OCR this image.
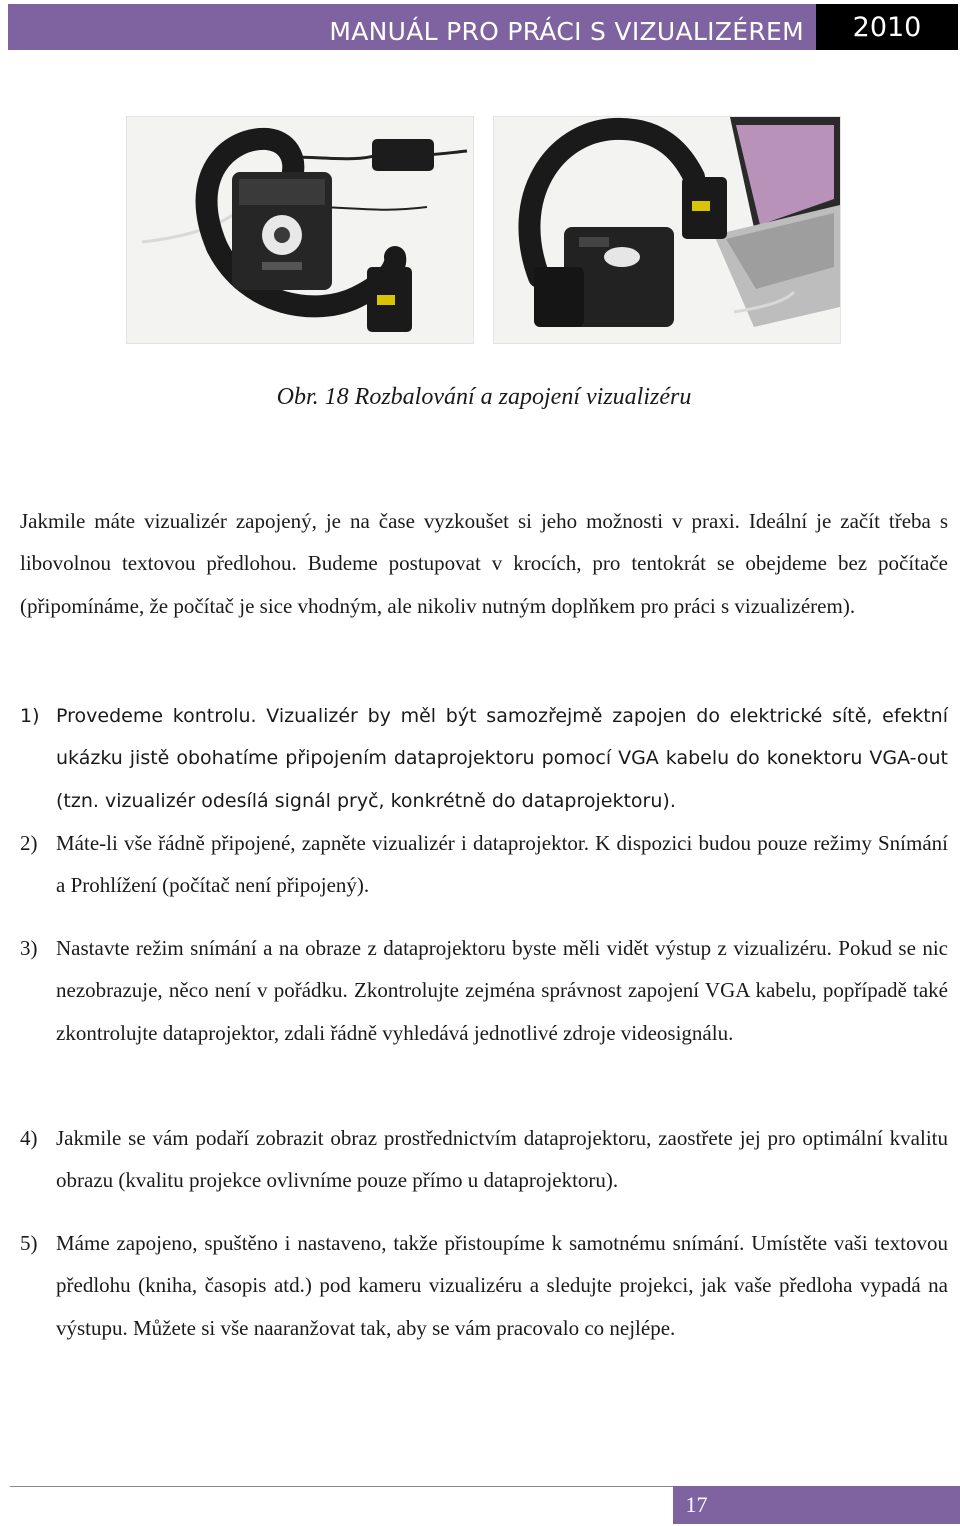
MANUÁL PRO PRÁCI S VIZUALIZÉREM	2010
Obr. 18 Rozbalování a zapojení vizualizéru

Jakmile máte vizualizér zapojený, je na čase vyzkoušet si jeho možnosti v praxi. Ideální je začít třeba s libovolnou textovou předlohou. Budeme postupovat v krocích, pro tentokrát se obejdeme bez počítače (připomínáme, že počítač je sice vhodným, ale nikoliv nutným doplňkem pro práci s vizualizérem).

1) Provedeme kontrolu. Vizualizér by měl být samozřejmě zapojen do elektrické sítě, efektní ukázku jistě obohatíme připojením dataprojektoru pomocí VGA kabelu do konektoru VGA-out (tzn. vizualizér odesílá signál pryč, konkrétně do dataprojektoru).
2) Máte-li vše řádně připojené, zapněte vizualizér i dataprojektor. K dispozici budou pouze režimy Snímání a Prohlížení (počítač není připojený).
3) Nastavte režim snímání a na obraze z dataprojektoru byste měli vidět výstup z vizualizéru. Pokud se nic nezobrazuje, něco není v pořádku. Zkontrolujte zejména správnost zapojení VGA kabelu, popřípadě také zkontrolujte dataprojektor, zdali řádně vyhledává jednotlivé zdroje videosignálu.
4) Jakmile se vám podaří zobrazit obraz prostřednictvím dataprojektoru, zaostřete jej pro optimální kvalitu obrazu (kvalitu projekce ovlivníme pouze přímo u dataprojektoru).
5) Máme zapojeno, spuštěno i nastaveno, takže přistoupíme k samotnému snímání. Umístěte vaši textovou předlohu (kniha, časopis atd.) pod kameru vizualizéru a sledujte projekci, jak vaše předloha vypadá na výstupu. Můžete si vše naaranžovat tak, aby se vám pracovalo co nejlépe.
17
